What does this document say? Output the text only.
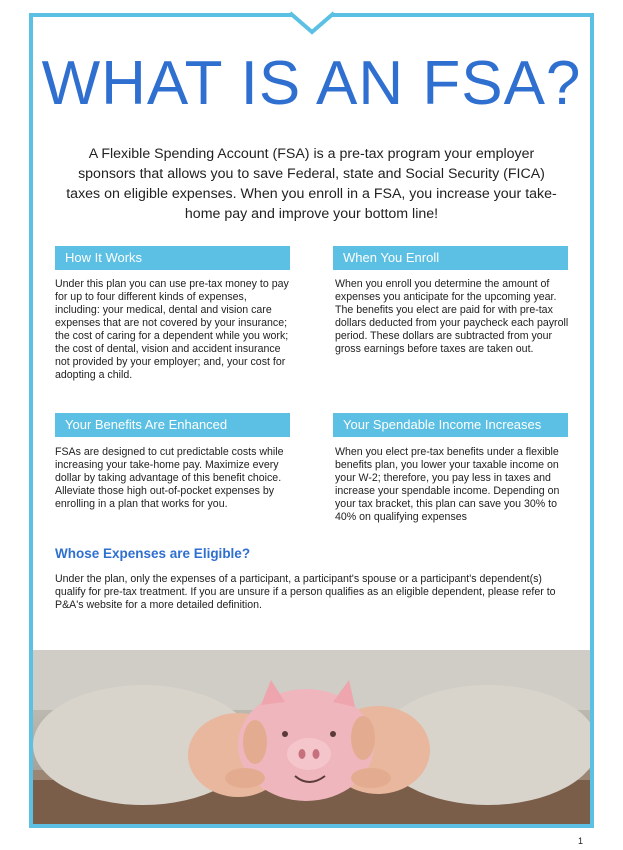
WHAT IS AN FSA?
A Flexible Spending Account (FSA) is a pre-tax program your employer sponsors that allows you to save Federal, state and Social Security (FICA) taxes on eligible expenses. When you enroll in a FSA, you increase your take-home pay and improve your bottom line!
How It Works
Under this plan you can use pre-tax money to pay for up to four different kinds of expenses, including: your medical, dental and vision care expenses that are not covered by your insurance; the cost of caring for a dependent while you work; the cost of dental, vision and accident insurance not provided by your employer; and, your cost for adopting a child.
When You Enroll
When you enroll you determine the amount of expenses you anticipate for the upcoming year. The benefits you elect are paid for with pre-tax dollars deducted from your paycheck each payroll period. These dollars are subtracted from your gross earnings before taxes are taken out.
Your Benefits Are Enhanced
FSAs are designed to cut predictable costs while increasing your take-home pay. Maximize every dollar by taking advantage of this benefit choice. Alleviate those high out-of-pocket expenses by enrolling in a plan that works for you.
Your Spendable Income Increases
When you elect pre-tax benefits under a flexible benefits plan, you lower your taxable income on your W-2; therefore, you pay less in taxes and increase your spendable income. Depending on your tax bracket, this plan can save you 30% to 40% on qualifying expenses
Whose Expenses are Eligible?
Under the plan, only the expenses of a participant, a participant's spouse or a participant's dependent(s) qualify for pre-tax treatment. If you are unsure if a person qualifies as an eligible dependent, please refer to P&A's website for a more detailed definition.
1
